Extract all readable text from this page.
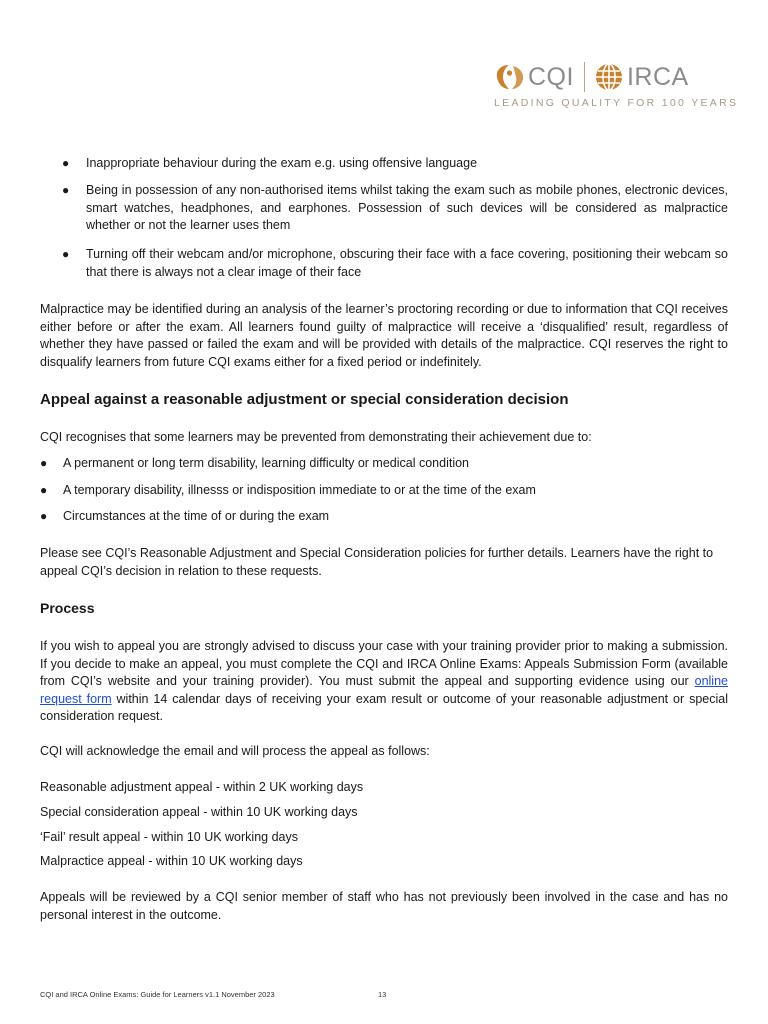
CQI IRCA
LEADING QUALITY FOR 100 YEARS
● Inappropriate behaviour during the exam e.g. using offensive language
● Being in possession of any non-authorised items whilst taking the exam such as mobile phones, electronic devices, smart watches, headphones, and earphones. Possession of such devices will be considered as malpractice whether or not the learner uses them
● Turning off their webcam and/or microphone, obscuring their face with a face covering, positioning their webcam so that there is always not a clear image of their face

Malpractice may be identified during an analysis of the learner’s proctoring recording or due to information that CQI receives either before or after the exam. All learners found guilty of malpractice will receive a ‘disqualified’ result, regardless of whether they have passed or failed the exam and will be provided with details of the malpractice. CQI reserves the right to disqualify learners from future CQI exams either for a fixed period or indefinitely.

Appeal against a reasonable adjustment or special consideration decision

CQI recognises that some learners may be prevented from demonstrating their achievement due to:

● A permanent or long term disability, learning difficulty or medical condition
● A temporary disability, illnesss or indisposition immediate to or at the time of the exam
● Circumstances at the time of or during the exam

Please see CQI’s Reasonable Adjustment and Special Consideration policies for further details. Learners have the right to appeal CQI’s decision in relation to these requests.

Process

If you wish to appeal you are strongly advised to discuss your case with your training provider prior to making a submission. If you decide to make an appeal, you must complete the CQI and IRCA Online Exams: Appeals Submission Form (available from CQI’s website and your training provider). You must submit the appeal and supporting evidence using our online request form within 14 calendar days of receiving your exam result or outcome of your reasonable adjustment or special consideration request.

CQI will acknowledge the email and will process the appeal as follows:

Reasonable adjustment appeal - within 2 UK working days

Special consideration appeal - within 10 UK working days

‘Fail’ result appeal - within 10 UK working days

Malpractice appeal - within 10 UK working days

Appeals will be reviewed by a CQI senior member of staff who has not previously been involved in the case and has no personal interest in the outcome.

CQI and IRCA Online Exams: Guide for Learners v1.1 November 2023	13
